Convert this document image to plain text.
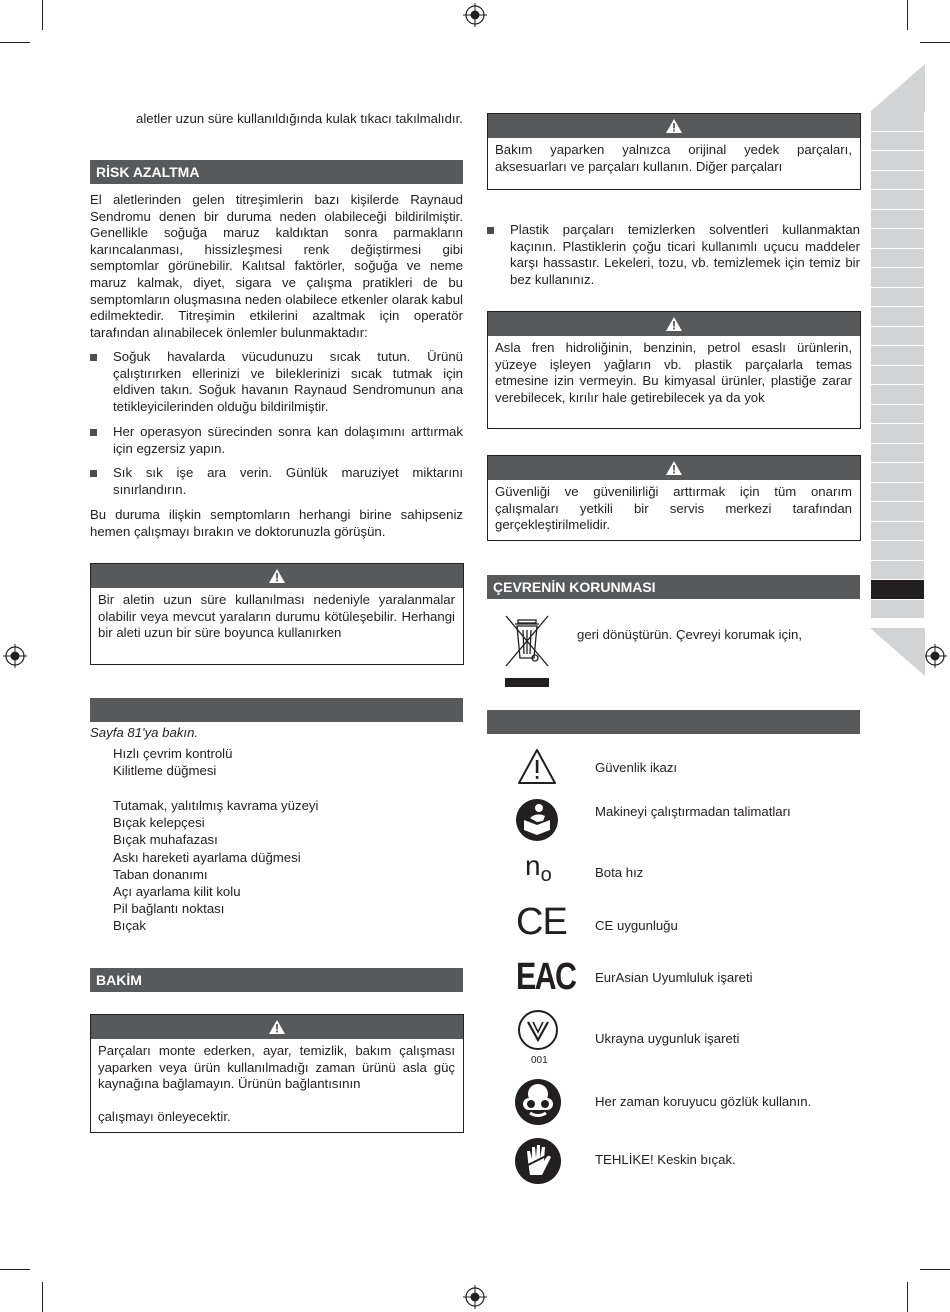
aletler uzun süre kullanıldığında kulak tıkacı takılmalıdır.
RİSK AZALTMA
El aletlerinden gelen titreşimlerin bazı kişilerde Raynaud Sendromu denen bir duruma neden olabileceği bildirilmiştir. Genellikle soğuğa maruz kaldıktan sonra parmakların karıncalanması, hissizleşmesi renk değiştirmesi gibi semptomlar görünebilir. Kalıtsal faktörler, soğuğa ve neme maruz kalmak, diyet, sigara ve çalışma pratikleri de bu semptomların oluşmasına neden olabilece etkenler olarak kabul edilmektedir. Titreşimin etkilerini azaltmak için operatör tarafından alınabilecek önlemler bulunmaktadır:
Soğuk havalarda vücudunuzu sıcak tutun. Ürünü çalıştırırken ellerinizi ve bileklerinizi sıcak tutmak için eldiven takın. Soğuk havanın Raynaud Sendromunun ana tetikleyicilerinden olduğu bildirilmiştir.
Her operasyon sürecinden sonra kan dolaşımını arttırmak için egzersiz yapın.
Sık sık işe ara verin. Günlük maruziyet miktarını sınırlandırın.
Bu duruma ilişkin semptomların herhangi birine sahipseniz hemen çalışmayı bırakın ve doktorunuzla görüşün.
Bir aletin uzun süre kullanılması nedeniyle yaralanmalar olabilir veya mevcut yaraların durumu kötüleşebilir. Herhangi bir aleti uzun bir süre boyunca kullanırken
Sayfa 81'ya bakın.
Hızlı çevrim kontrolü
Kilitleme düğmesi
Tutamak, yalıtılmış kavrama yüzeyi
Bıçak kelepçesi
Bıçak muhafazası
Askı hareketi ayarlama düğmesi
Taban donanımı
Açı ayarlama kilit kolu
Pil bağlantı noktası
Bıçak
BAKİM
Parçaları monte ederken, ayar, temizlik, bakım çalışması yaparken veya ürün kullanılmadığı zaman ürünü asla güç kaynağına bağlamayın. Ürünün bağlantısının
çalışmayı önleyecektir.
Bakım yaparken yalnızca orijinal yedek parçaları, aksesuarları ve parçaları kullanın. Diğer parçaları
Plastik parçaları temizlerken solventleri kullanmaktan kaçının. Plastiklerin çoğu ticari kullanımlı uçucu maddeler karşı hassastır. Lekeleri, tozu, vb. temizlemek için temiz bir bez kullanınız.
Asla fren hidroliğinin, benzinin, petrol esaslı ürünlerin, yüzeye işleyen yağların vb. plastik parçalarla temas etmesine izin vermeyin. Bu kimyasal ürünler, plastiğe zarar verebilecek, kırılır hale getirebilecek ya da yok
Güvenliği ve güvenilirliği arttırmak için tüm onarım çalışmaları yetkili bir servis merkezi tarafından gerçekleştirilmelidir.
ÇEVRENİN KORUNMASI
geri dönüştürün. Çevreyi korumak için,
Güvenlik ikazı
Makineyi çalıştırmadan talimatları
$n_o$	Bota hız
CE CE uygunluğu
EAC EurAsian Uyumluluk işareti
001
Ukrayna uygunluk işareti
Her zaman koruyucu gözlük kullanın.
TEHLİKE! Keskin bıçak.
